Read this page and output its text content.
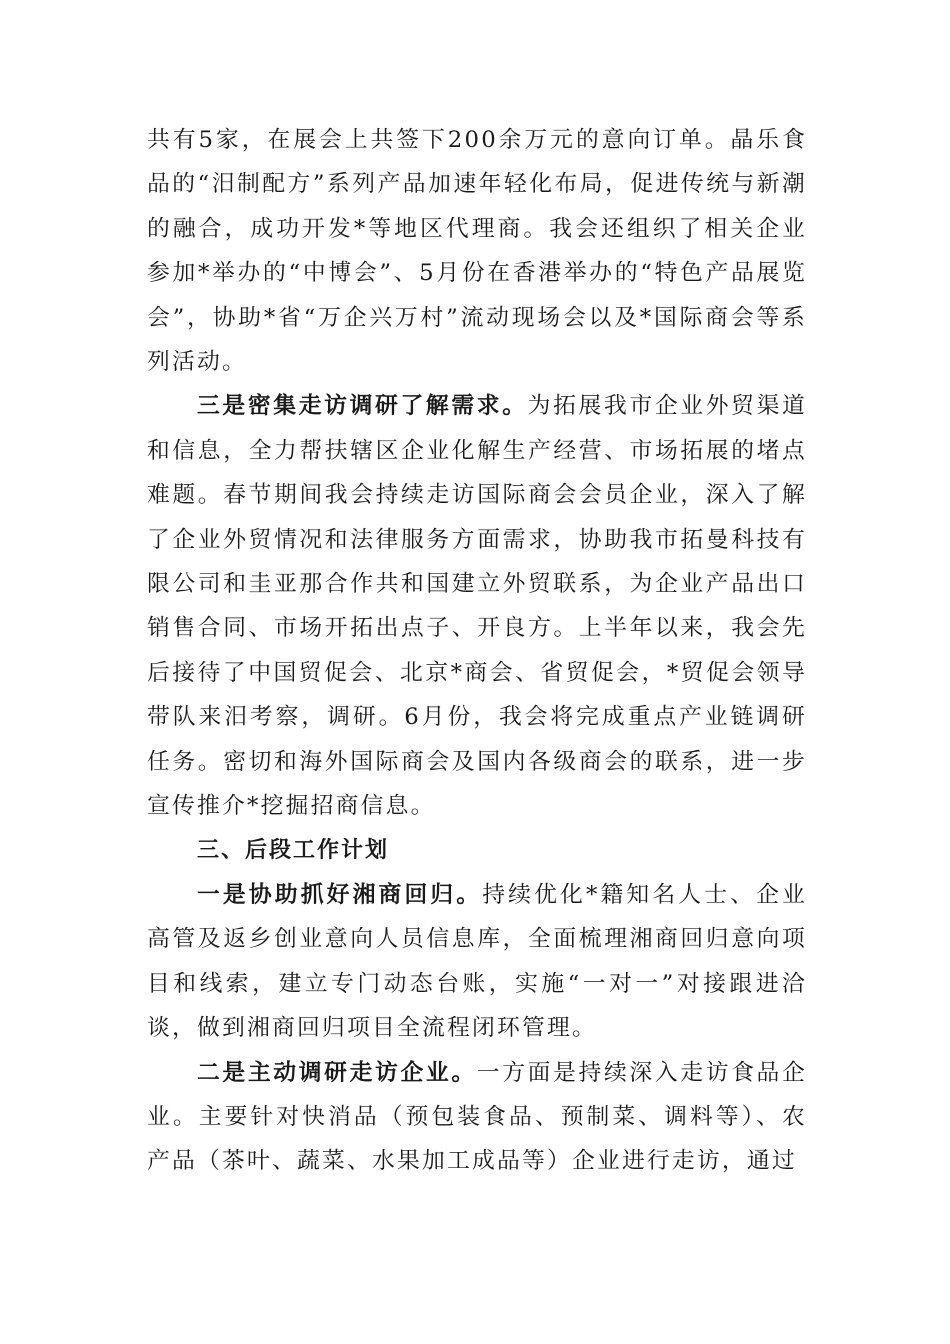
共有5家，在展会上共签下200余万元的意向订单。晶乐食品的“汨制配方”系列产品加速年轻化布局，促进传统与新潮的融合，成功开发*等地区代理商。我会还组织了相关企业参加*举办的“中博会”、5月份在香港举办的“特色产品展览会”，协助*省“万企兴万村”流动现场会以及*国际商会等系列活动。

三是密集走访调研了解需求。为拓展我市企业外贸渠道和信息，全力帮扶辖区企业化解生产经营、市场拓展的堵点难题。春节期间我会持续走访国际商会会员企业，深入了解了企业外贸情况和法律服务方面需求，协助我市拓曼科技有限公司和圭亚那合作共和国建立外贸联系，为企业产品出口销售合同、市场开拓出点子、开良方。上半年以来，我会先后接待了中国贸促会、北京*商会、省贸促会，*贸促会领导带队来汨考察，调研。6月份，我会将完成重点产业链调研任务。密切和海外国际商会及国内各级商会的联系，进一步宣传推介*挖掘招商信息。

三、后段工作计划

一是协助抓好湘商回归。持续优化*籍知名人士、企业高管及返乡创业意向人员信息库，全面梳理湘商回归意向项目和线索，建立专门动态台账，实施“一对一”对接跟进洽谈，做到湘商回归项目全流程闭环管理。

二是主动调研走访企业。一方面是持续深入走访食品企业。主要针对快消品（预包装食品、预制菜、调料等）、农产品（茶叶、蔬菜、水果加工成品等）企业进行走访，通过
